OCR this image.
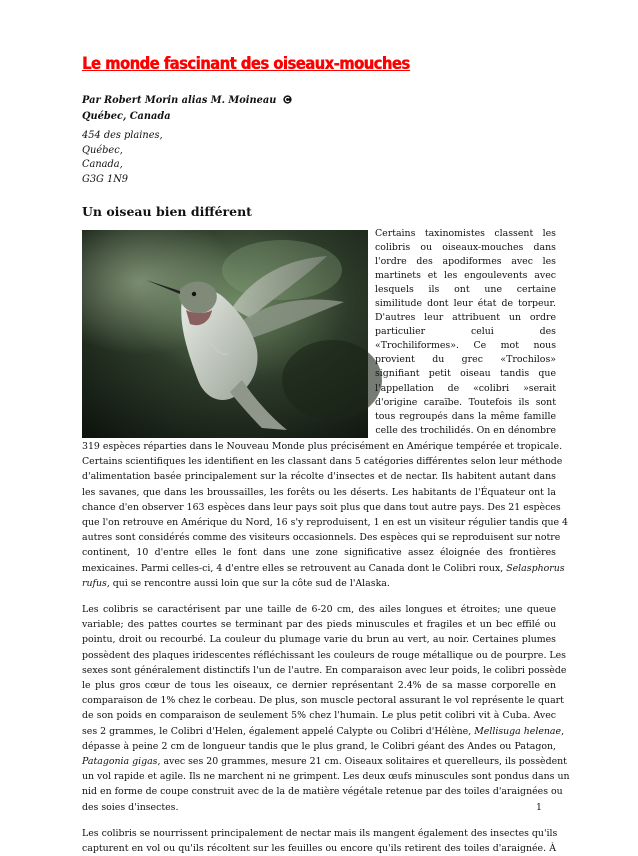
Le monde fascinant des oiseaux-mouches
Par Robert Morin alias M. Moineau
Québec, Canada
454 des plaines,
Québec,
Canada,
G3G 1N9
Un oiseau bien différent
Certains taxinomistes classent les
colibris ou oiseaux-mouches dans
l'ordre des apodiformes avec les
martinets et les engoulevents avec
lesquels ils ont une certaine
similitude dont leur état de torpeur.
D'autres leur attribuent un ordre
particulier celui des
«Trochiliformes». Ce mot nous
provient du grec «Trochilos»
signifiant petit oiseau tandis que
l'appellation de «colibri »serait
d'origine caraïbe. Toutefois ils sont
tous regroupés dans la même famille
celle des trochilidés. On en dénombre
319 espèces réparties dans le Nouveau Monde plus précisément en Amérique tempérée et tropicale.
Certains scientifiques les identifient en les classant dans 5 catégories différentes selon leur méthode
d'alimentation basée principalement sur la récolte d'insectes et de nectar. Ils habitent autant dans
les savanes, que dans les broussailles, les forêts ou les déserts. Les habitants de l'Équateur ont la
chance d'en observer 163 espèces dans leur pays soit plus que dans tout autre pays. Des 21 espèces
que l'on retrouve en Amérique du Nord, 16 s'y reproduisent, 1 en est un visiteur régulier tandis que 4
autres sont considérés comme des visiteurs occasionnels. Des espèces qui se reproduisent sur notre
continent, 10 d'entre elles le font dans une zone significative assez éloignée des frontières
mexicaines. Parmi celles-ci, 4 d'entre elles se retrouvent au Canada dont le Colibri roux, Selasphorus
rufus, qui se rencontre aussi loin que sur la côte sud de l'Alaska.
Les colibris se caractérisent par une taille de 6-20 cm, des ailes longues et étroites; une queue
variable; des pattes courtes se terminant par des pieds minuscules et fragiles et un bec effilé ou
pointu, droit ou recourbé. La couleur du plumage varie du brun au vert, au noir. Certaines plumes
possèdent des plaques iridescentes réfléchissant les couleurs de rouge métallique ou de pourpre. Les
sexes sont généralement distinctifs l'un de l'autre. En comparaison avec leur poids, le colibri possède
le plus gros cœur de tous les oiseaux, ce dernier représentant 2.4% de sa masse corporelle en
comparaison de 1% chez le corbeau. De plus, son muscle pectoral assurant le vol représente le quart
de son poids en comparaison de seulement 5% chez l'humain. Le plus petit colibri vit à Cuba. Avec
ses 2 grammes, le Colibri d'Helen, également appelé Calypte ou Colibri d'Hélène, Mellisuga helenae,
dépasse à peine 2 cm de longueur tandis que le plus grand, le Colibri géant des Andes ou Patagon,
Patagonia gigas, avec ses 20 grammes, mesure 21 cm. Oiseaux solitaires et querelleurs, ils possèdent
un vol rapide et agile. Ils ne marchent ni ne grimpent. Les deux œufs minuscules sont pondus dans un
nid en forme de coupe construit avec de la de matière végétale retenue par des toiles d'araignées ou
des soies d'insectes.
Les colibris se nourrissent principalement de nectar mais ils mangent également des insectes qu'ils
capturent en vol ou qu'ils récoltent sur les feuilles ou encore qu'ils retirent des toiles d'araignée. À
1
